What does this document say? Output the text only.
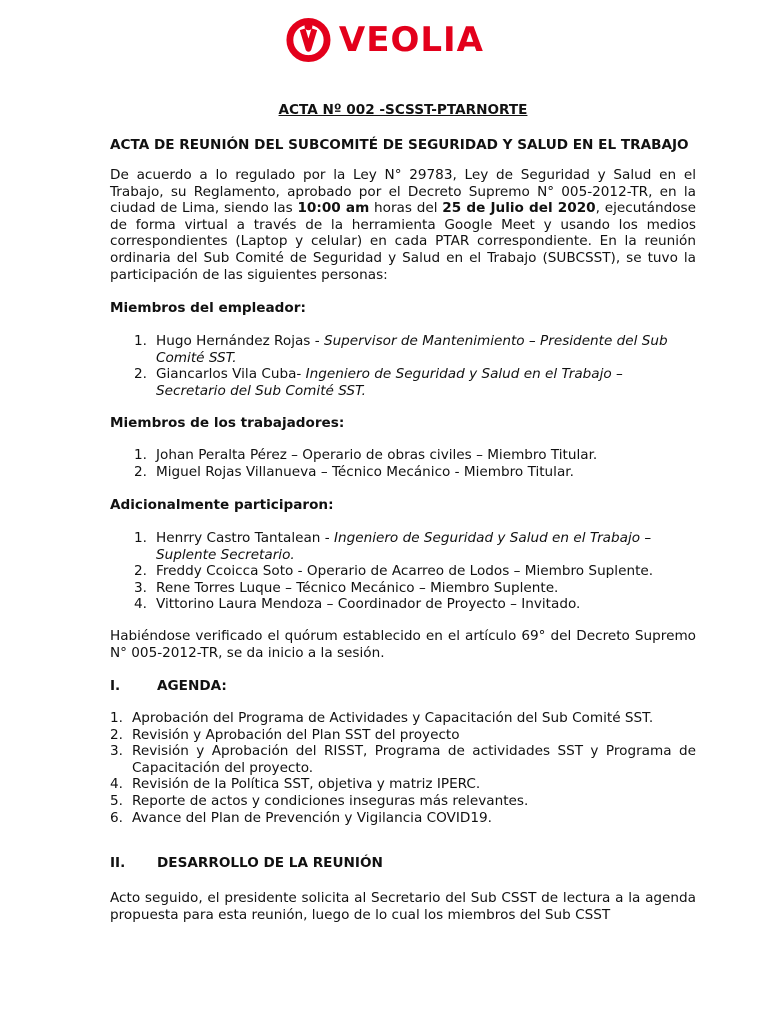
VEOLIA
ACTA Nº 002 -SCSST-PTARNORTE
ACTA DE REUNIÓN DEL SUBCOMITÉ DE SEGURIDAD Y SALUD EN EL TRABAJO
De acuerdo a lo regulado por la Ley N° 29783, Ley de Seguridad y Salud en el Trabajo, su Reglamento, aprobado por el Decreto Supremo N° 005-2012-TR, en la ciudad de Lima, siendo las 10:00 am horas del 25 de Julio del 2020, ejecutándose de forma virtual a través de la herramienta Google Meet y usando los medios correspondientes (Laptop y celular) en cada PTAR correspondiente. En la reunión ordinaria del Sub Comité de Seguridad y Salud en el Trabajo (SUBCSST), se tuvo la participación de las siguientes personas:
Miembros del empleador:
1. Hugo Hernández Rojas - Supervisor de Mantenimiento – Presidente del Sub Comité SST.
2. Giancarlos Vila Cuba- Ingeniero de Seguridad y Salud en el Trabajo – Secretario del Sub Comité SST.
Miembros de los trabajadores:
1. Johan Peralta Pérez – Operario de obras civiles – Miembro Titular.
2. Miguel Rojas Villanueva – Técnico Mecánico - Miembro Titular.
Adicionalmente participaron:
1. Henrry Castro Tantalean - Ingeniero de Seguridad y Salud en el Trabajo – Suplente Secretario.
2. Freddy Ccoicca Soto - Operario de Acarreo de Lodos – Miembro Suplente.
3. Rene Torres Luque – Técnico Mecánico – Miembro Suplente.
4. Vittorino Laura Mendoza – Coordinador de Proyecto – Invitado.
Habiéndose verificado el quórum establecido en el artículo 69° del Decreto Supremo N° 005-2012-TR, se da inicio a la sesión.
I.	AGENDA:
1. Aprobación del Programa de Actividades y Capacitación del Sub Comité SST.
2. Revisión y Aprobación del Plan SST del proyecto
3. Revisión y Aprobación del RISST, Programa de actividades SST y Programa de Capacitación del proyecto.
4. Revisión de la Política SST, objetiva y matriz IPERC.
5. Reporte de actos y condiciones inseguras más relevantes.
6. Avance del Plan de Prevención y Vigilancia COVID19.
II. DESARROLLO DE LA REUNIÓN
Acto seguido, el presidente solicita al Secretario del Sub CSST de lectura a la agenda propuesta para esta reunión, luego de lo cual los miembros del Sub CSST
